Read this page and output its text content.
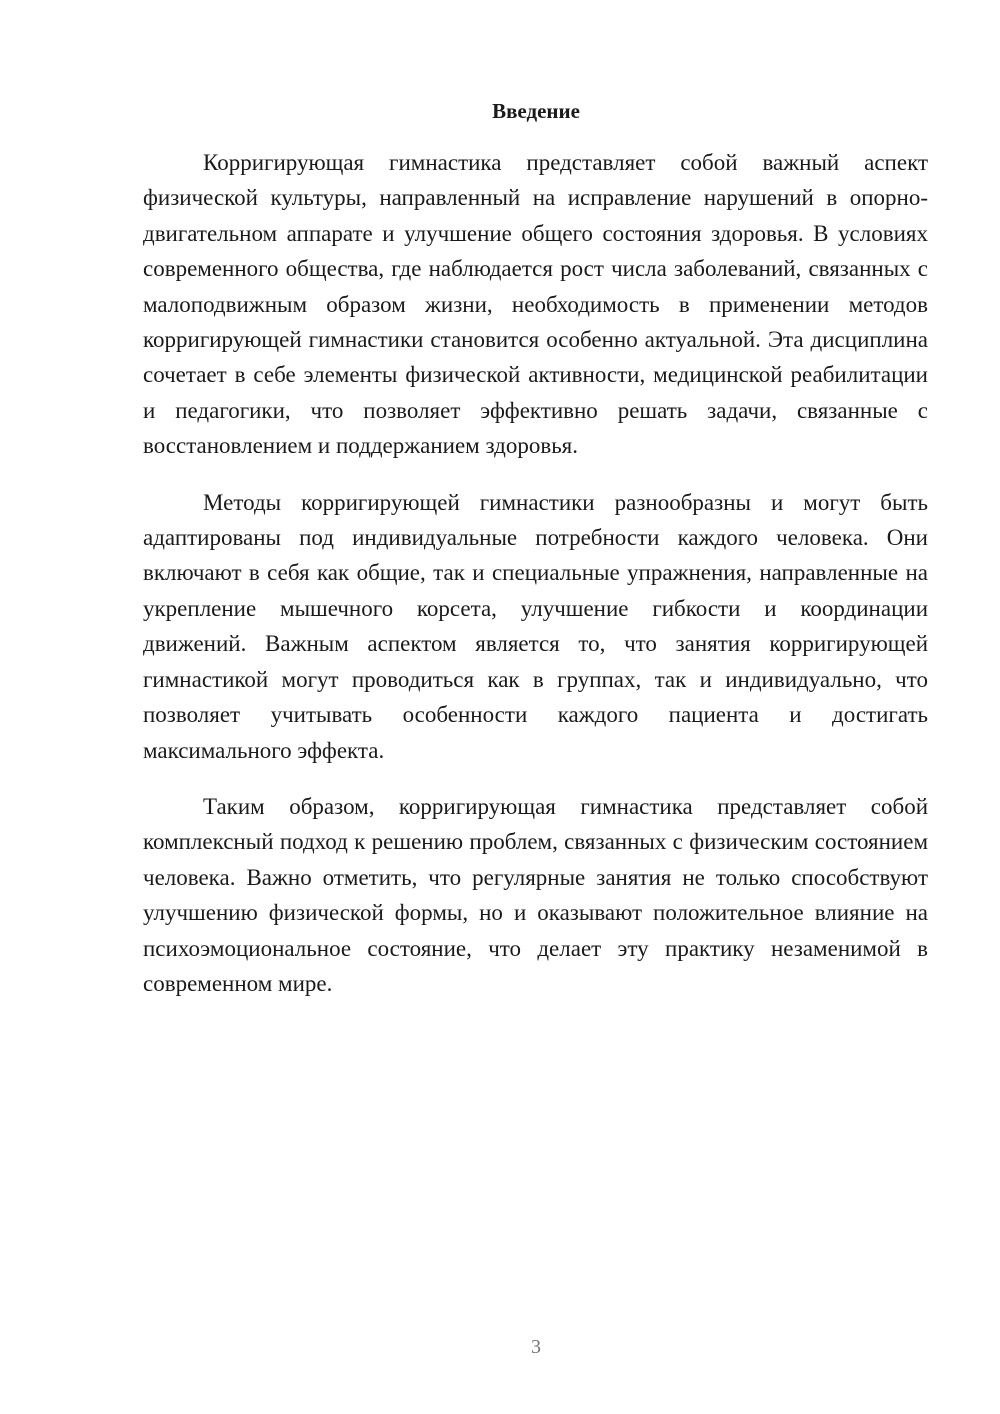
Введение

Корригирующая гимнастика представляет собой важный аспект физической культуры, направленный на исправление нарушений в опорно-двигательном аппарате и улучшение общего состояния здоровья. В условиях современного общества, где наблюдается рост числа заболеваний, связанных с малоподвижным образом жизни, необходимость в применении методов корригирующей гимнастики становится особенно актуальной. Эта дисциплина сочетает в себе элементы физической активности, медицинской реабилитации и педагогики, что позволяет эффективно решать задачи, связанные с восстановлением и поддержанием здоровья.

Методы корригирующей гимнастики разнообразны и могут быть адаптированы под индивидуальные потребности каждого человека. Они включают в себя как общие, так и специальные упражнения, направленные на укрепление мышечного корсета, улучшение гибкости и координации движений. Важным аспектом является то, что занятия корригирующей гимнастикой могут проводиться как в группах, так и индивидуально, что позволяет учитывать особенности каждого пациента и достигать максимального эффекта.

Таким образом, корригирующая гимнастика представляет собой комплексный подход к решению проблем, связанных с физическим состоянием человека. Важно отметить, что регулярные занятия не только способствуют улучшению физической формы, но и оказывают положительное влияние на психоэмоциональное состояние, что делает эту практику незаменимой в современном мире.

3
